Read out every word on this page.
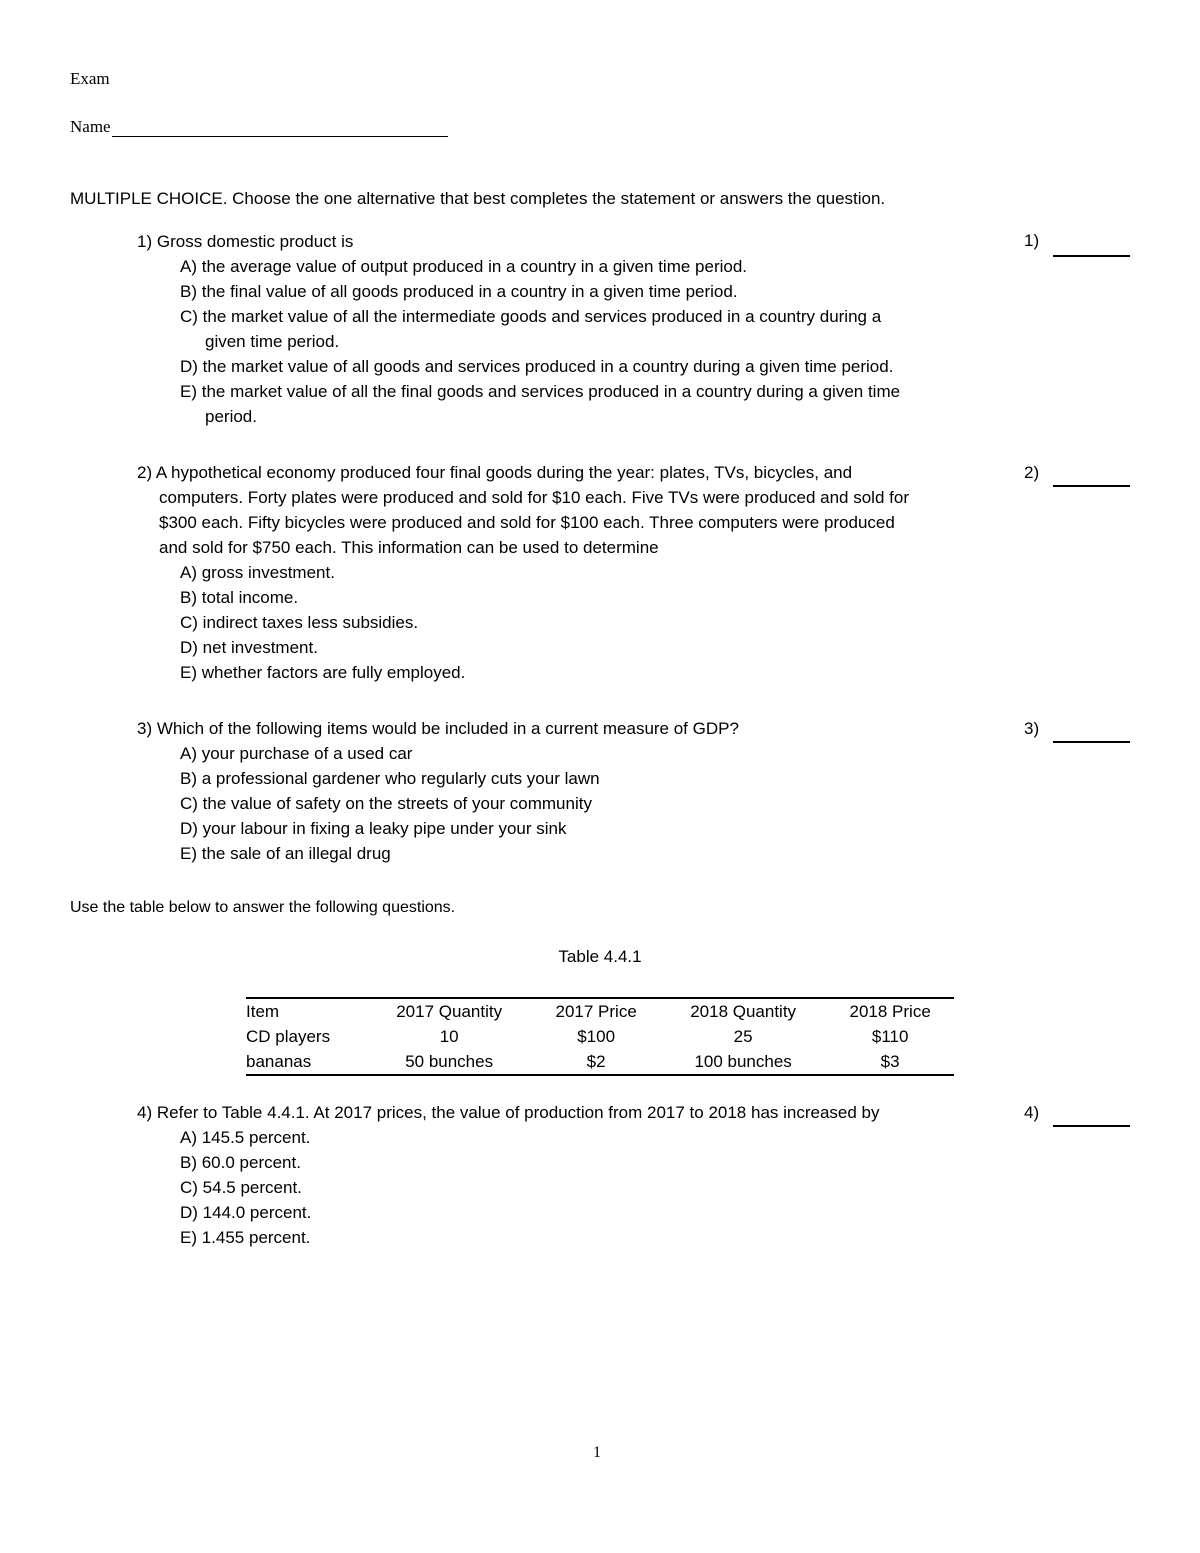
Exam
Name
MULTIPLE CHOICE. Choose the one alternative that best completes the statement or answers the question.
1) Gross domestic product is
A) the average value of output produced in a country in a given time period.
B) the final value of all goods produced in a country in a given time period.
C) the market value of all the intermediate goods and services produced in a country during a
given time period.
D) the market value of all goods and services produced in a country during a given time period.
E) the market value of all the final goods and services produced in a country during a given time
period.
1)
2) A hypothetical economy produced four final goods during the year: plates, TVs, bicycles, and
computers. Forty plates were produced and sold for $10 each. Five TVs were produced and sold for
$300 each. Fifty bicycles were produced and sold for $100 each. Three computers were produced
and sold for $750 each. This information can be used to determine
A) gross investment.
B) total income.
C) indirect taxes less subsidies.
D) net investment.
E) whether factors are fully employed.
2)
3) Which of the following items would be included in a current measure of GDP?
A) your purchase of a used car
B) a professional gardener who regularly cuts your lawn
C) the value of safety on the streets of your community
D) your labour in fixing a leaky pipe under your sink
E) the sale of an illegal drug
3)
Use the table below to answer the following questions.
Table 4.4.1
Item	2017 Quantity	2017 Price	2018 Quantity	2018 Price
CD players	10	$100	25	$110
bananas	50 bunches	$2	100 bunches	$3
4) Refer to Table 4.4.1. At 2017 prices, the value of production from 2017 to 2018 has increased by
A) 145.5 percent.
B) 60.0 percent.
C) 54.5 percent.
D) 144.0 percent.
E) 1.455 percent.
4)
1
